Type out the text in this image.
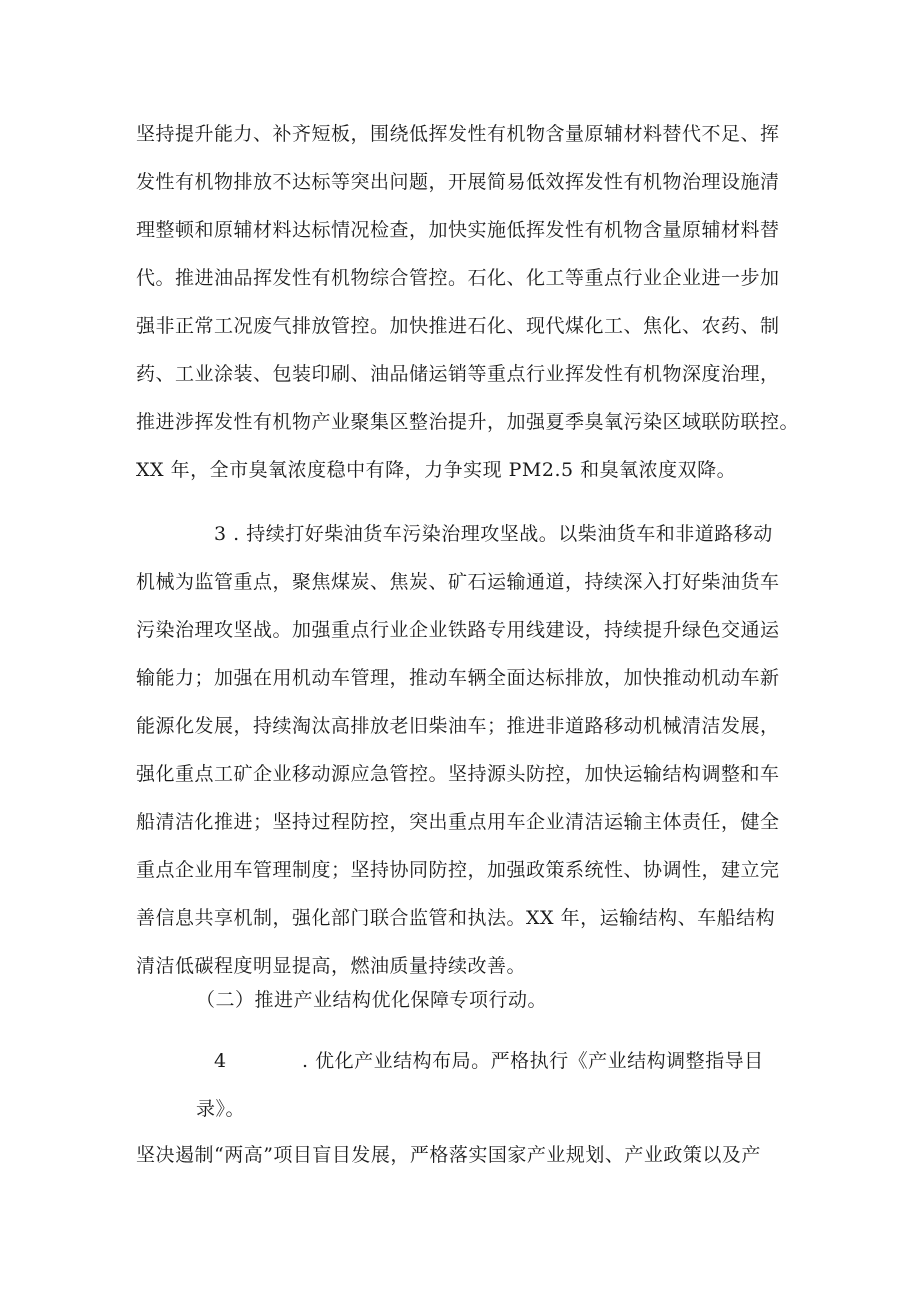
坚持提升能力、补齐短板，围绕低挥发性有机物含量原辅材料替代不足、挥
发性有机物排放不达标等突出问题，开展简易低效挥发性有机物治理设施清
理整顿和原辅材料达标情况检查，加快实施低挥发性有机物含量原辅材料替
代。推进油品挥发性有机物综合管控。石化、化工等重点行业企业进一步加
强非正常工况废气排放管控。加快推进石化、现代煤化工、焦化、农药、制
药、工业涂装、包装印刷、油品储运销等重点行业挥发性有机物深度治理，
推进涉挥发性有机物产业聚集区整治提升，加强夏季臭氧污染区域联防联控。
XX 年，全市臭氧浓度稳中有降，力争实现 PM2.5 和臭氧浓度双降。
3 . 持续打好柴油货车污染治理攻坚战。以柴油货车和非道路移动
机械为监管重点，聚焦煤炭、焦炭、矿石运输通道，持续深入打好柴油货车
污染治理攻坚战。加强重点行业企业铁路专用线建设，持续提升绿色交通运
输能力；加强在用机动车管理，推动车辆全面达标排放，加快推动机动车新
能源化发展，持续淘汰高排放老旧柴油车；推进非道路移动机械清洁发展，
强化重点工矿企业移动源应急管控。坚持源头防控，加快运输结构调整和车
船清洁化推进；坚持过程防控，突出重点用车企业清洁运输主体责任，健全
重点企业用车管理制度；坚持协同防控，加强政策系统性、协调性，建立完
善信息共享机制，强化部门联合监管和执法。XX 年，运输结构、车船结构
清洁低碳程度明显提高，燃油质量持续改善。
（二）推进产业结构优化保障专项行动。
4	. 优化产业结构布局。严格执行《产业结构调整指导目
录》。
坚决遏制“两高”项目盲目发展，严格落实国家产业规划、产业政策以及产
